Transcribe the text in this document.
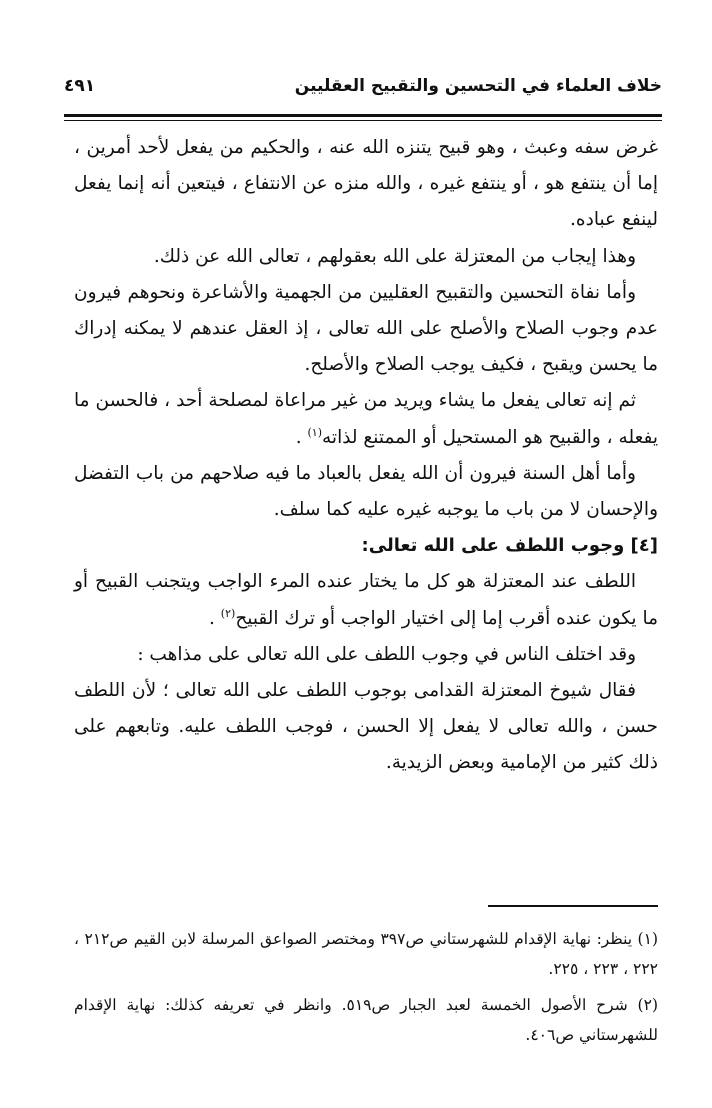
خلاف العلماء في التحسين والتقبيح العقليين
٤٩١

غرض سفه وعبث ، وهو قبيح يتنزه الله عنه ، والحكيم من يفعل لأحد أمرين ، إما أن ينتفع هو ، أو ينتفع غيره ، والله منزه عن الانتفاع ، فيتعين أنه إنما يفعل لينفع عباده.

وهذا إيجاب من المعتزلة على الله بعقولهم ، تعالى الله عن ذلك.

وأما نفاة التحسين والتقبيح العقليين من الجهمية والأشاعرة ونحوهم فيرون عدم وجوب الصلاح والأصلح على الله تعالى ، إذ العقل عندهم لا يمكنه إدراك ما يحسن ويقبح ، فكيف يوجب الصلاح والأصلح.

ثم إنه تعالى يفعل ما يشاء ويريد من غير مراعاة لمصلحة أحد ، فالحسن ما يفعله ، والقبيح هو المستحيل أو الممتنع لذاته$^{(١)}$ .

وأما أهل السنة فيرون أن الله يفعل بالعباد ما فيه صلاحهم من باب التفضل والإحسان لا من باب ما يوجبه غيره عليه كما سلف.

[٤] وجوب اللطف على الله تعالى:

اللطف عند المعتزلة هو كل ما يختار عنده المرء الواجب ويتجنب القبيح أو ما يكون عنده أقرب إما إلى اختيار الواجب أو ترك القبيح$^{(٢)}$ .

وقد اختلف الناس في وجوب اللطف على الله تعالى على مذاهب :

فقال شيوخ المعتزلة القدامى بوجوب اللطف على الله تعالى ؛ لأن اللطف حسن ، والله تعالى لا يفعل إلا الحسن ، فوجب اللطف عليه. وتابعهم على ذلك كثير من الإمامية وبعض الزيدية.

(١) ينظر: نهاية الإقدام للشهرستاني ص٣٩٧ ومختصر الصواعق المرسلة لابن القيم ص٢١٢ ، ٢٢٢ ، ٢٢٣ ، ٢٢٥.

(٢) شرح الأصول الخمسة لعبد الجبار ص٥١٩. وانظر في تعريفه كذلك: نهاية الإقدام للشهرستاني ص٤٠٦.
